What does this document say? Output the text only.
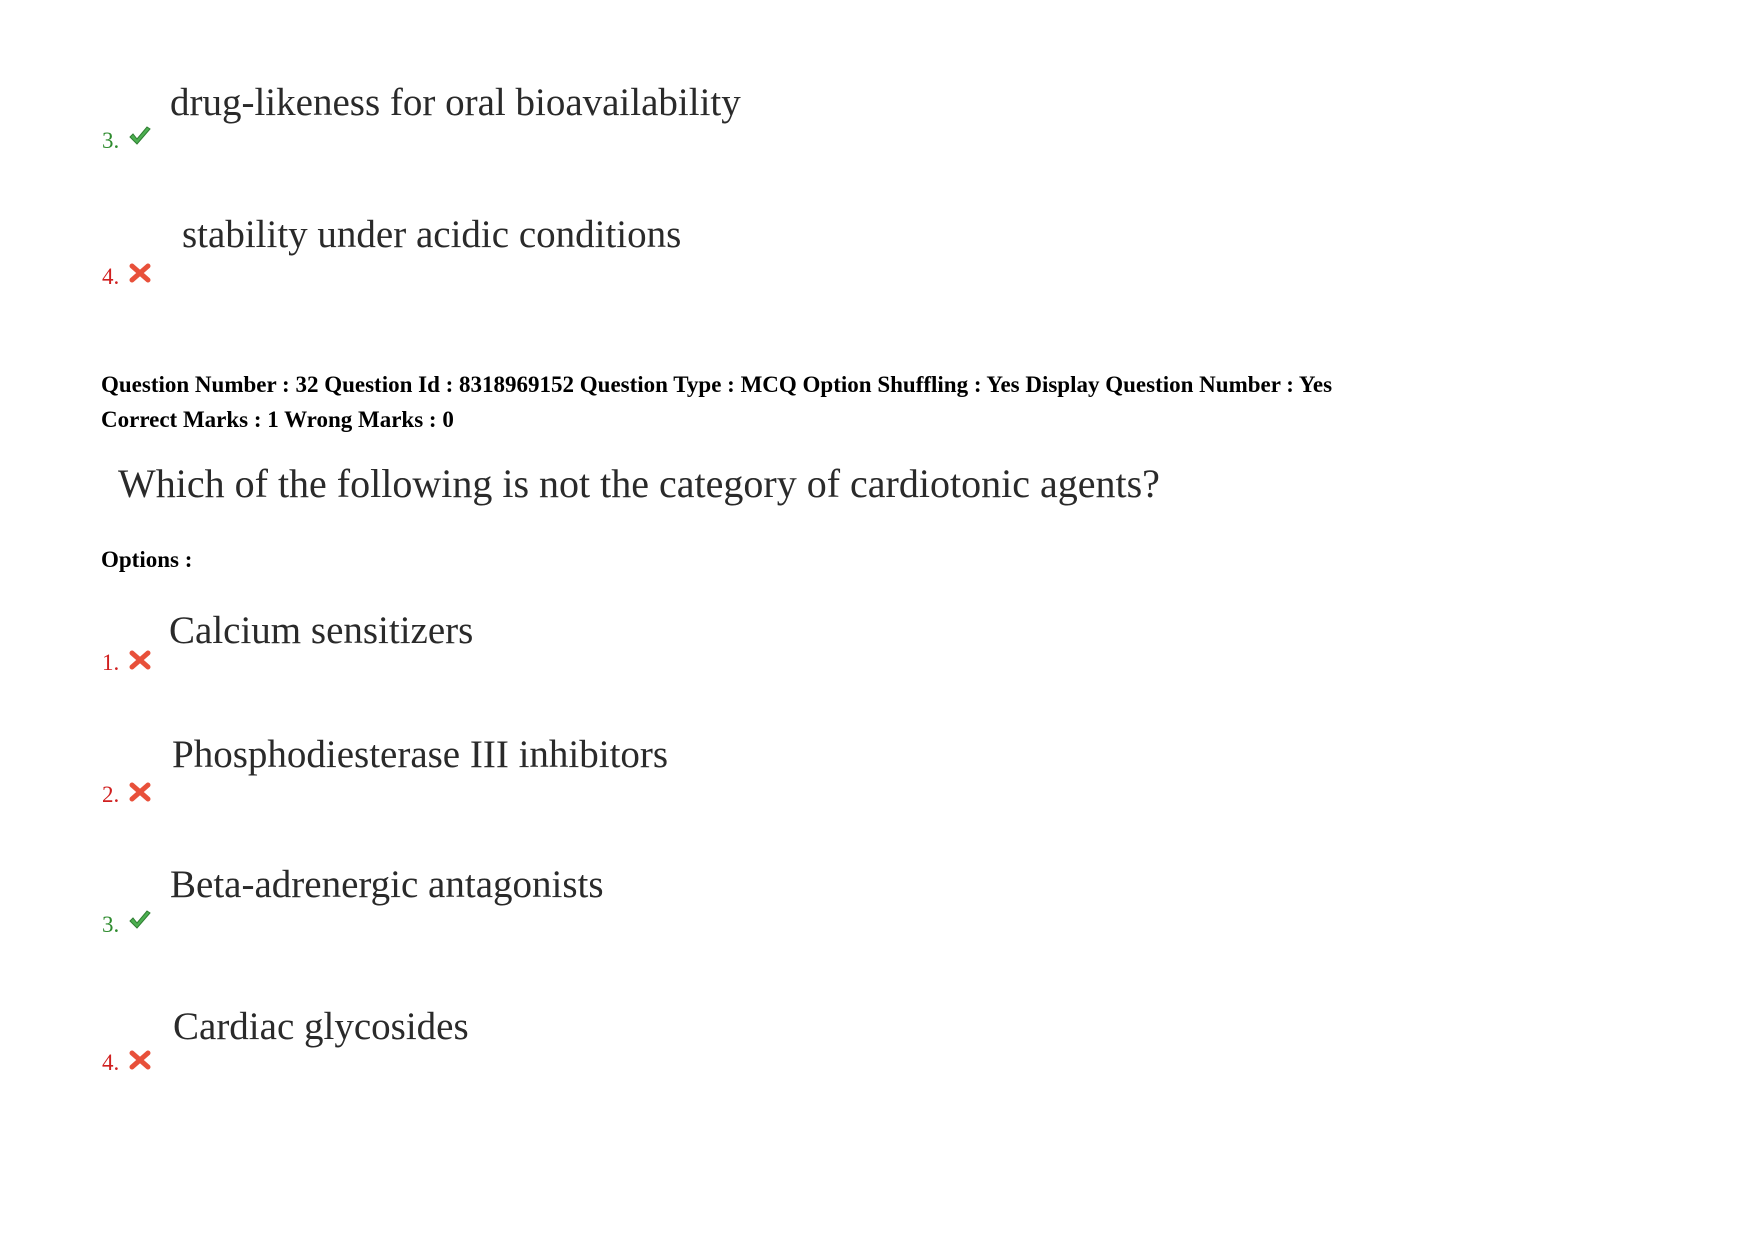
drug-likeness for oral bioavailability
3.
stability under acidic conditions
4.
Question Number : 32 Question Id : 8318969152 Question Type : MCQ Option Shuffling : Yes Display Question Number : Yes
Correct Marks : 1 Wrong Marks : 0
Which of the following is not the category of cardiotonic agents?
Options :
Calcium sensitizers
1.
Phosphodiesterase III inhibitors
2.
Beta-adrenergic antagonists
3.
Cardiac glycosides
4.
